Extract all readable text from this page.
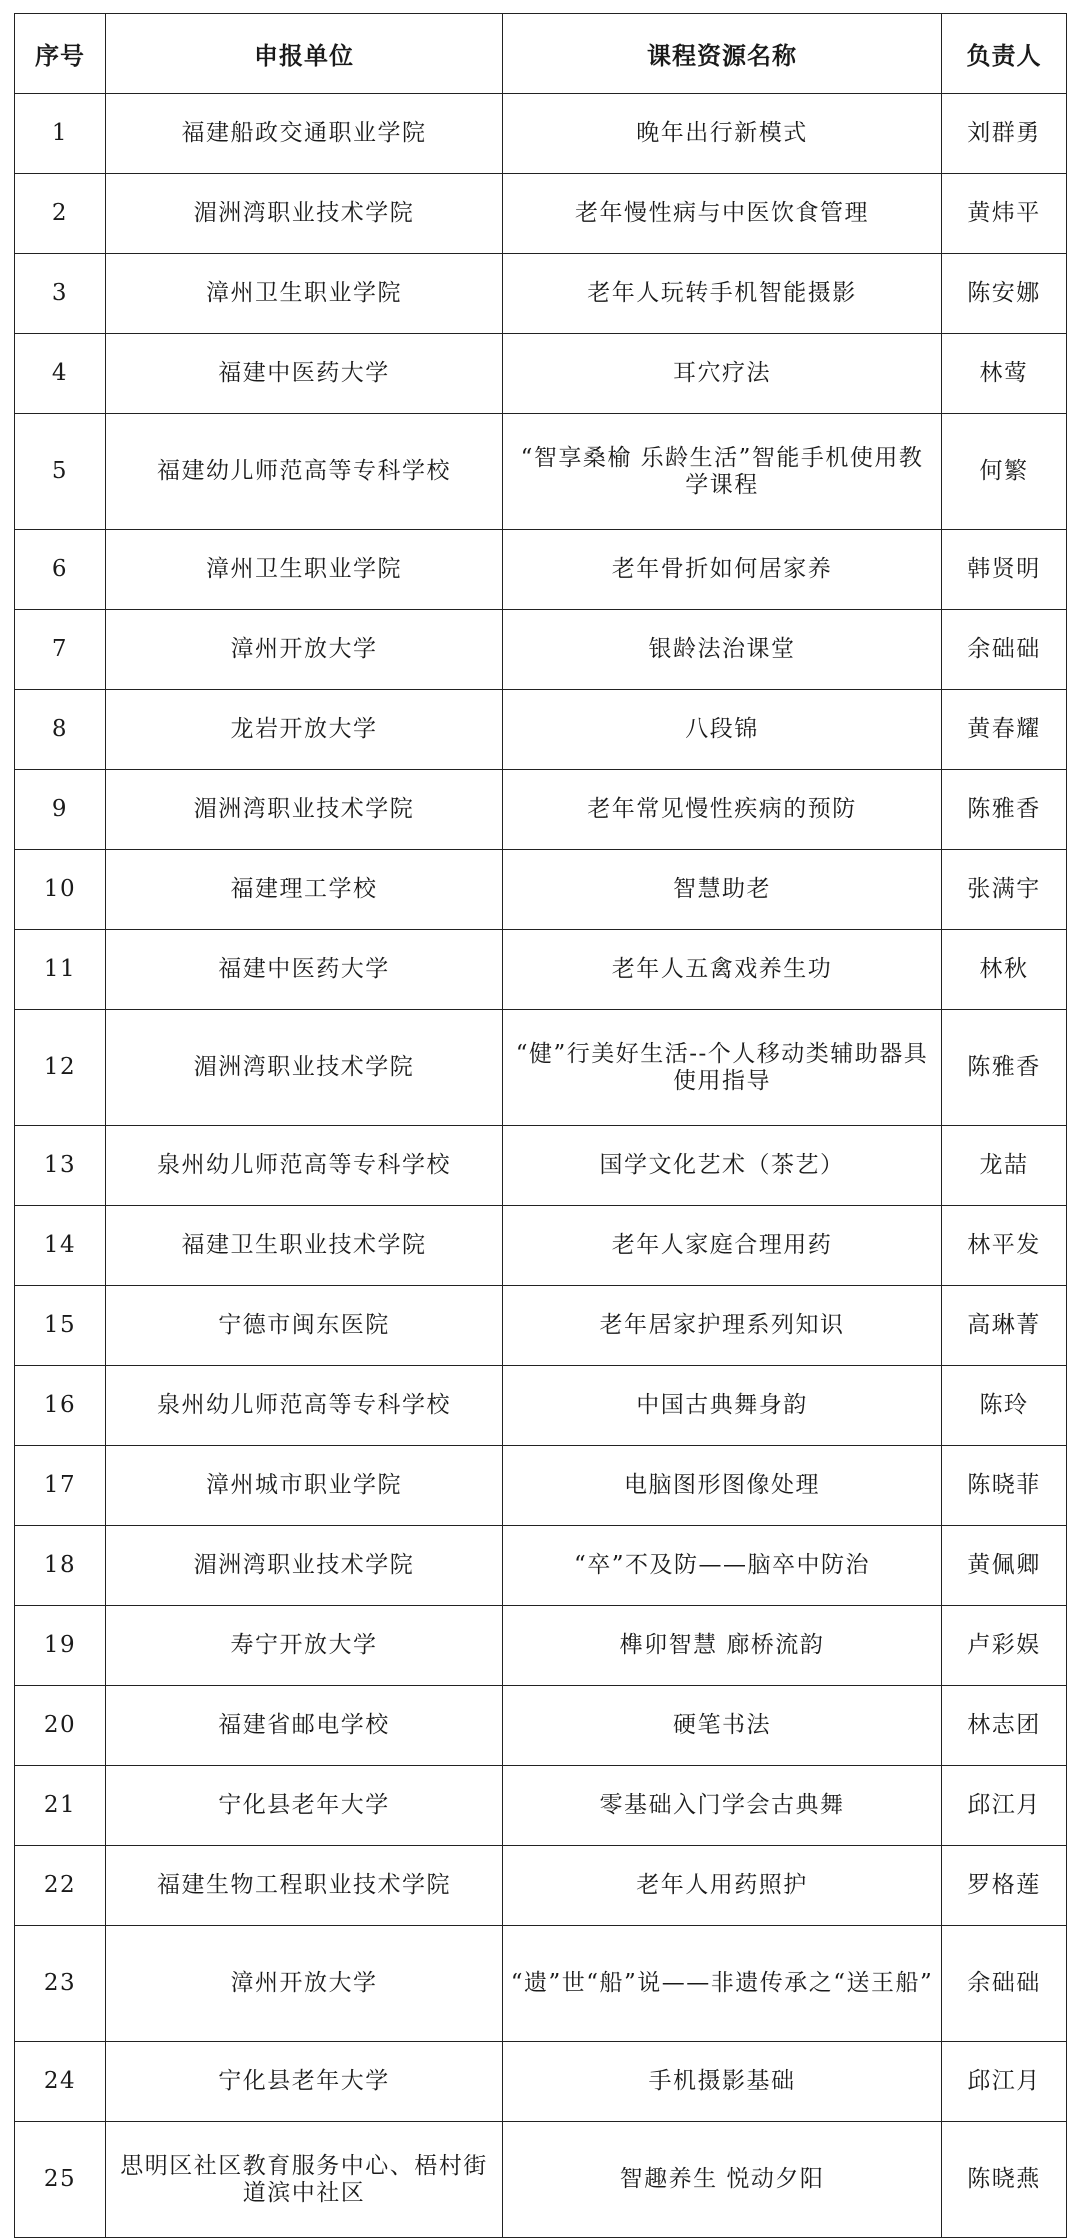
序号	申报单位	课程资源名称	负责人
1	福建船政交通职业学院	晚年出行新模式	刘群勇
2	湄洲湾职业技术学院	老年慢性病与中医饮食管理	黄炜平
3	漳州卫生职业学院	老年人玩转手机智能摄影	陈安娜
4	福建中医药大学	耳穴疗法	林莺
5	福建幼儿师范高等专科学校	“智享桑榆 乐龄生活”智能手机使用教学课程	何繁
6	漳州卫生职业学院	老年骨折如何居家养	韩贤明
7	漳州开放大学	银龄法治课堂	余础础
8	龙岩开放大学	八段锦	黄春耀
9	湄洲湾职业技术学院	老年常见慢性疾病的预防	陈雅香
10	福建理工学校	智慧助老	张满宇
11	福建中医药大学	老年人五禽戏养生功	林秋
12	湄洲湾职业技术学院	“健”行美好生活--个人移动类辅助器具使用指导	陈雅香
13	泉州幼儿师范高等专科学校	国学文化艺术（茶艺）	龙喆
14	福建卫生职业技术学院	老年人家庭合理用药	林平发
15	宁德市闽东医院	老年居家护理系列知识	高琳菁
16	泉州幼儿师范高等专科学校	中国古典舞身韵	陈玲
17	漳州城市职业学院	电脑图形图像处理	陈晓菲
18	湄洲湾职业技术学院	“卒”不及防——脑卒中防治	黄佩卿
19	寿宁开放大学	榫卯智慧 廊桥流韵	卢彩娱
20	福建省邮电学校	硬笔书法	林志团
21	宁化县老年大学	零基础入门学会古典舞	邱江月
22	福建生物工程职业技术学院	老年人用药照护	罗格莲
23	漳州开放大学	“遗”世“船”说——非遗传承之“送王船”	余础础
24	宁化县老年大学	手机摄影基础	邱江月
25	思明区社区教育服务中心、梧村街道滨中社区	智趣养生 悦动夕阳	陈晓燕
